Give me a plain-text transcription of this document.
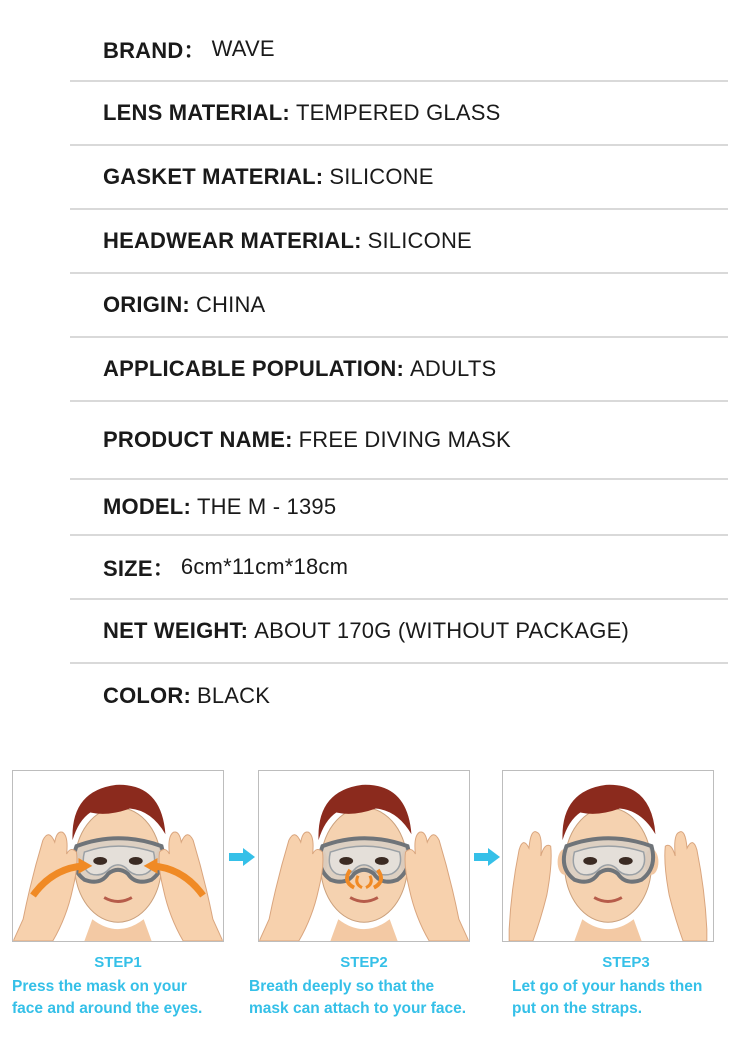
BRAND： WAVE
LENS MATERIAL: TEMPERED GLASS
GASKET MATERIAL: SILICONE
HEADWEAR MATERIAL: SILICONE
ORIGIN: CHINA
APPLICABLE POPULATION: ADULTS
PRODUCT NAME: FREE DIVING MASK
MODEL: THE M - 1395
SIZE： 6cm*11cm*18cm
NET WEIGHT: ABOUT 170G (WITHOUT PACKAGE)
COLOR: BLACK
STEP1
Press the mask on your
face and around the eyes.
STEP2
Breath deeply so that the
mask can attach to your face.
STEP3
Let go of your hands then
put on the straps.
